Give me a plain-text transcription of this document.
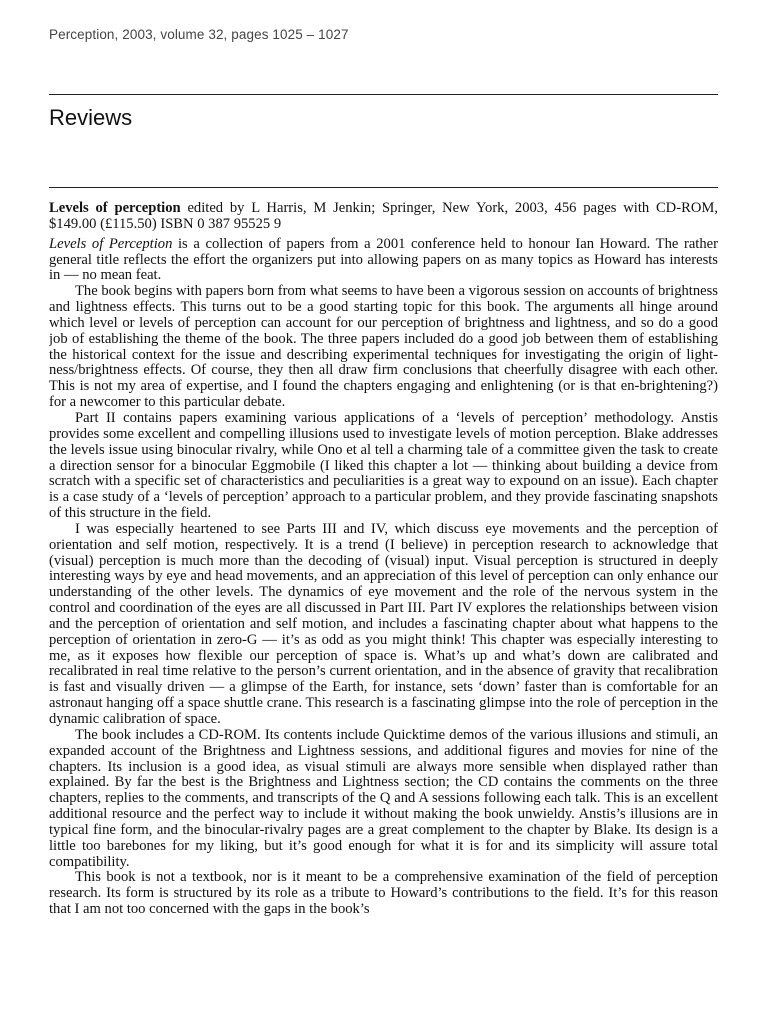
Perception, 2003, volume 32, pages 1025 – 1027
Reviews

Levels of perception edited by L Harris, M Jenkin; Springer, New York, 2003, 456 pages with CD-ROM, $149.00 (£115.50) ISBN 0 387 95525 9

Levels of Perception is a collection of papers from a 2001 conference held to honour Ian Howard. The rather general title reflects the effort the organizers put into allowing papers on as many topics as Howard has interests in — no mean feat.

The book begins with papers born from what seems to have been a vigorous session on accounts of brightness and lightness effects. This turns out to be a good starting topic for this book. The arguments all hinge around which level or levels of perception can account for our perception of brightness and lightness, and so do a good job of establishing the theme of the book. The three papers included do a good job between them of establishing the historical context for the issue and describing experimental techniques for investigating the origin of light-ness/brightness effects. Of course, they then all draw firm conclusions that cheerfully disagree with each other. This is not my area of expertise, and I found the chapters engaging and enlightening (or is that en-brightening?) for a newcomer to this particular debate.

Part II contains papers examining various applications of a ‘levels of perception’ methodology. Anstis provides some excellent and compelling illusions used to investigate levels of motion perception. Blake addresses the levels issue using binocular rivalry, while Ono et al tell a charming tale of a committee given the task to create a direction sensor for a binocular Eggmobile (I liked this chapter a lot — thinking about building a device from scratch with a specific set of characteristics and peculiarities is a great way to expound on an issue). Each chapter is a case study of a ‘levels of perception’ approach to a particular problem, and they provide fascinating snapshots of this structure in the field.

I was especially heartened to see Parts III and IV, which discuss eye movements and the perception of orientation and self motion, respectively. It is a trend (I believe) in perception research to acknowledge that (visual) perception is much more than the decoding of (visual) input. Visual perception is structured in deeply interesting ways by eye and head movements, and an appreciation of this level of perception can only enhance our understanding of the other levels. The dynamics of eye movement and the role of the nervous system in the control and coordination of the eyes are all discussed in Part III. Part IV explores the relationships between vision and the perception of orientation and self motion, and includes a fascinating chapter about what happens to the perception of orientation in zero-G — it’s as odd as you might think! This chapter was especially interesting to me, as it exposes how flexible our perception of space is. What’s up and what’s down are calibrated and recalibrated in real time relative to the person’s current orientation, and in the absence of gravity that recalibration is fast and visually driven — a glimpse of the Earth, for instance, sets ‘down’ faster than is comfortable for an astronaut hanging off a space shuttle crane. This research is a fascinating glimpse into the role of perception in the dynamic calibration of space.

The book includes a CD-ROM. Its contents include Quicktime demos of the various illusions and stimuli, an expanded account of the Brightness and Lightness sessions, and additional figures and movies for nine of the chapters. Its inclusion is a good idea, as visual stimuli are always more sensible when displayed rather than explained. By far the best is the Brightness and Lightness section; the CD contains the comments on the three chapters, replies to the comments, and transcripts of the Q and A sessions following each talk. This is an excellent additional resource and the perfect way to include it without making the book unwieldy. Anstis’s illusions are in typical fine form, and the binocular-rivalry pages are a great complement to the chapter by Blake. Its design is a little too barebones for my liking, but it’s good enough for what it is for and its simplicity will assure total compatibility.

This book is not a textbook, nor is it meant to be a comprehensive examination of the field of perception research. Its form is structured by its role as a tribute to Howard’s contributions to the field. It’s for this reason that I am not too concerned with the gaps in the book’s
